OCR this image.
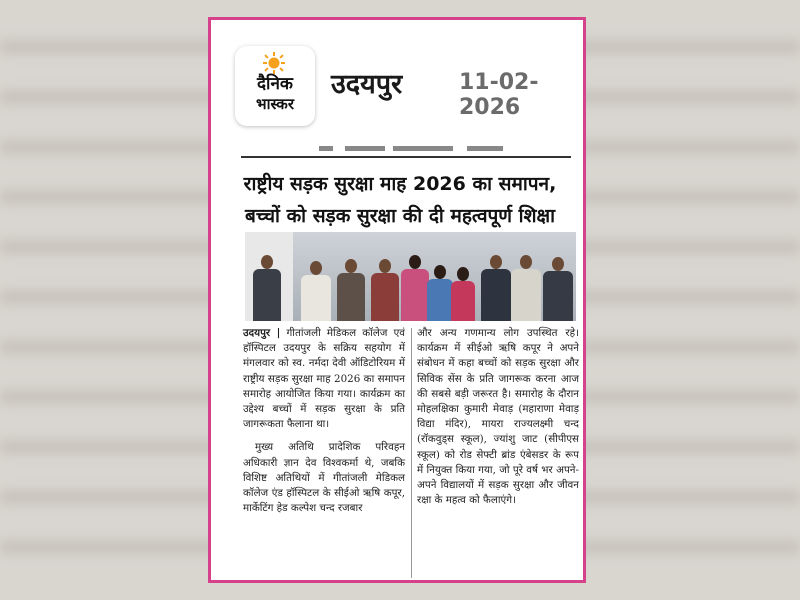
दैनिक
भास्कर
उदयपुर	11-02-2026
राष्ट्रीय सड़क सुरक्षा माह 2026 का समापन,
बच्चों को सड़क सुरक्षा की दी महत्वपूर्ण शिक्षा

उदयपुर | गीतांजली मेडिकल कॉलेज एवं हॉस्पिटल उदयपुर के सक्रिय सहयोग में मंगलवार को स्व. नर्मदा देवी ऑडिटोरियम में राष्ट्रीय सड़क सुरक्षा माह 2026 का समापन समारोह आयोजित किया गया। कार्यक्रम का उद्देश्य बच्चों में सड़क सुरक्षा के प्रति जागरूकता फैलाना था।

मुख्य अतिथि प्रादेशिक परिवहन अधिकारी ज्ञान देव विश्वकर्मा थे, जबकि विशिष्ट अतिथियों में गीतांजली मेडिकल कॉलेज एंड हॉस्पिटल के सीईओ ऋषि कपूर, मार्केटिंग हेड कल्पेश चन्द रजबार

और अन्य गणमान्य लोग उपस्थित रहे। कार्यक्रम में सीईओ ऋषि कपूर ने अपने संबोधन में कहा बच्चों को सड़क सुरक्षा और सिविक सेंस के प्रति जागरूक करना आज की सबसे बड़ी जरूरत है। समारोह के दौरान मोहलक्षिका कुमारी मेवाड़ (महाराणा मेवाड़ विद्या मंदिर), मायरा राज्यलक्ष्मी चन्द (रॉकवुड्स स्कूल), ज्यांशु जाट (सीपीएस स्कूल) को रोड सेफ्टी ब्रांड एंबेसडर के रूप में नियुक्त किया गया, जो पूरे वर्ष भर अपने-अपने विद्यालयों में सड़क सुरक्षा और जीवन रक्षा के महत्व को फैलाएंगे।
